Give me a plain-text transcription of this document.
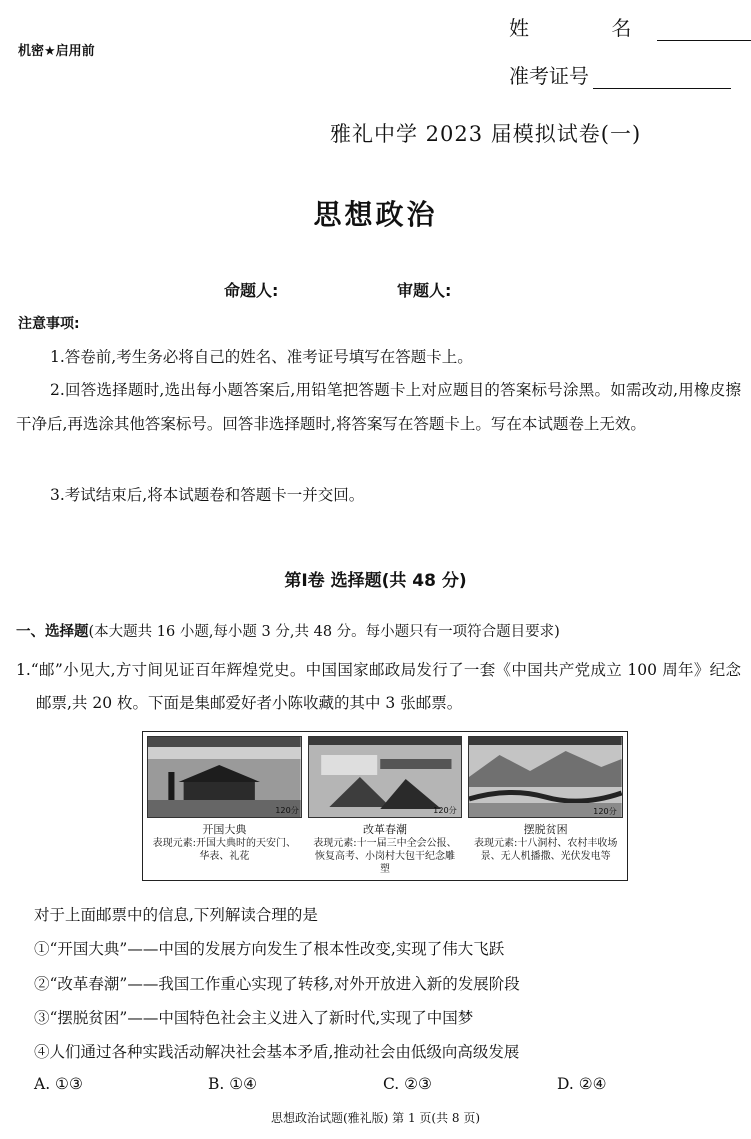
机密★启用前
姓 名
准考证号
雅礼中学 2023 届模拟试卷(一)
思想政治
命题人:	审题人:
注意事项:
1.答卷前,考生务必将自己的姓名、准考证号填写在答题卡上。
2.回答选择题时,选出每小题答案后,用铅笔把答题卡上对应题目的答案标号涂黑。如需改动,用橡皮擦干净后,再选涂其他答案标号。回答非选择题时,将答案写在答题卡上。写在本试题卷上无效。
3.考试结束后,将本试题卷和答题卡一并交回。
第Ⅰ卷 选择题(共 48 分)
一、选择题(本大题共 16 小题,每小题 3 分,共 48 分。每小题只有一项符合题目要求)
1.“邮”小见大,方寸间见证百年辉煌党史。中国国家邮政局发行了一套《中国共产党成立 100 周年》纪念邮票,共 20 枚。下面是集邮爱好者小陈收藏的其中 3 张邮票。
120分
开国大典
表现元素:开国大典时的天安门、华表、礼花
120分
改革春潮
表现元素:十一届三中全会公报、恢复高考、小岗村大包干纪念雕塑
120分
摆脱贫困
表现元素:十八洞村、农村丰收场景、无人机播撒、光伏发电等
对于上面邮票中的信息,下列解读合理的是
①“开国大典”——中国的发展方向发生了根本性改变,实现了伟大飞跃
②“改革春潮”——我国工作重心实现了转移,对外开放进入新的发展阶段
③“摆脱贫困”——中国特色社会主义进入了新时代,实现了中国梦
④人们通过各种实践活动解决社会基本矛盾,推动社会由低级向高级发展
A. ①③	B. ①④	C. ②③	D. ②④
思想政治试题(雅礼版) 第 1 页(共 8 页)
